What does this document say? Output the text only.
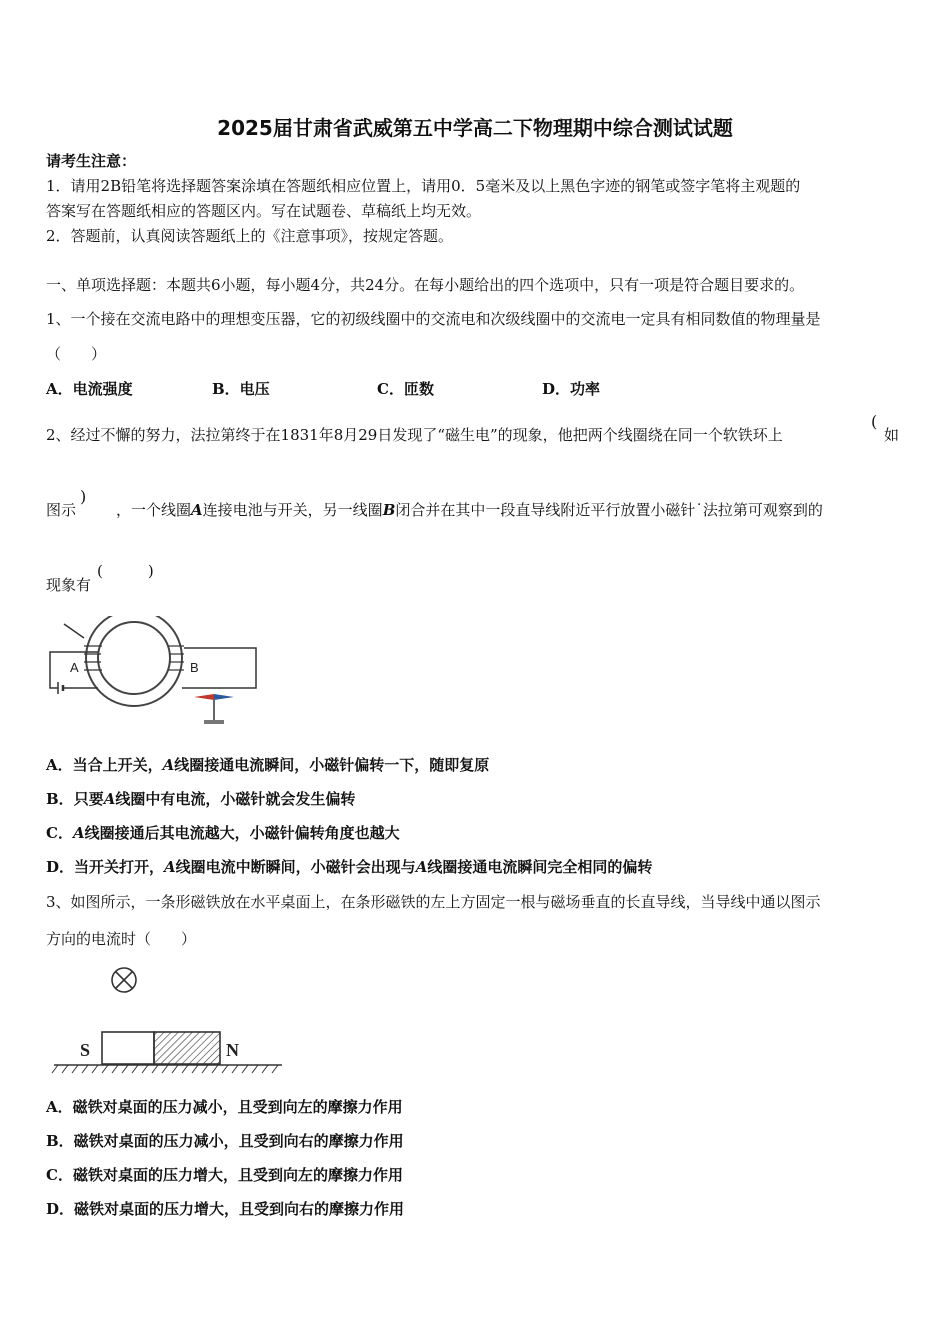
2025届甘肃省武威第五中学高二下物理期中综合测试试题
请考生注意：
1．请用2B铅笔将选择题答案涂填在答题纸相应位置上，请用0．5毫米及以上黑色字迹的钢笔或签字笔将主观题的
答案写在答题纸相应的答题区内。写在试题卷、草稿纸上均无效。
2．答题前，认真阅读答题纸上的《注意事项》，按规定答题。
一、单项选择题：本题共6小题，每小题4分，共24分。在每小题给出的四个选项中，只有一项是符合题目要求的。
1、一个接在交流电路中的理想变压器，它的初级线圈中的交流电和次级线圈中的交流电一定具有相同数值的物理量是
（　　）
A．电流强度	B．电压	C．匝数	D．功率
2、经过不懈的努力，法拉第终于在1831年8月29日发现了“磁生电”的现象，他把两个线圈绕在同一个软铁环上
(
如
)
图示	，一个线圈A连接电池与开关，另一线圈B闭合并在其中一段直导线附近平行放置小磁针˙法拉第可观察到的
现象有
(　　　)
A	B
A．当合上开关，A线圈接通电流瞬间，小磁针偏转一下，随即复原
B．只要A线圈中有电流，小磁针就会发生偏转
C．A线圈接通后其电流越大，小磁针偏转角度也越大
D．当开关打开，A线圈电流中断瞬间，小磁针会出现与A线圈接通电流瞬间完全相同的偏转
3、如图所示，一条形磁铁放在水平桌面上，在条形磁铁的左上方固定一根与磁场垂直的长直导线，当导线中通以图示
方向的电流时（　　）
S	N
A．磁铁对桌面的压力减小，且受到向左的摩擦力作用
B．磁铁对桌面的压力减小，且受到向右的摩擦力作用
C．磁铁对桌面的压力增大，且受到向左的摩擦力作用
D．磁铁对桌面的压力增大，且受到向右的摩擦力作用
